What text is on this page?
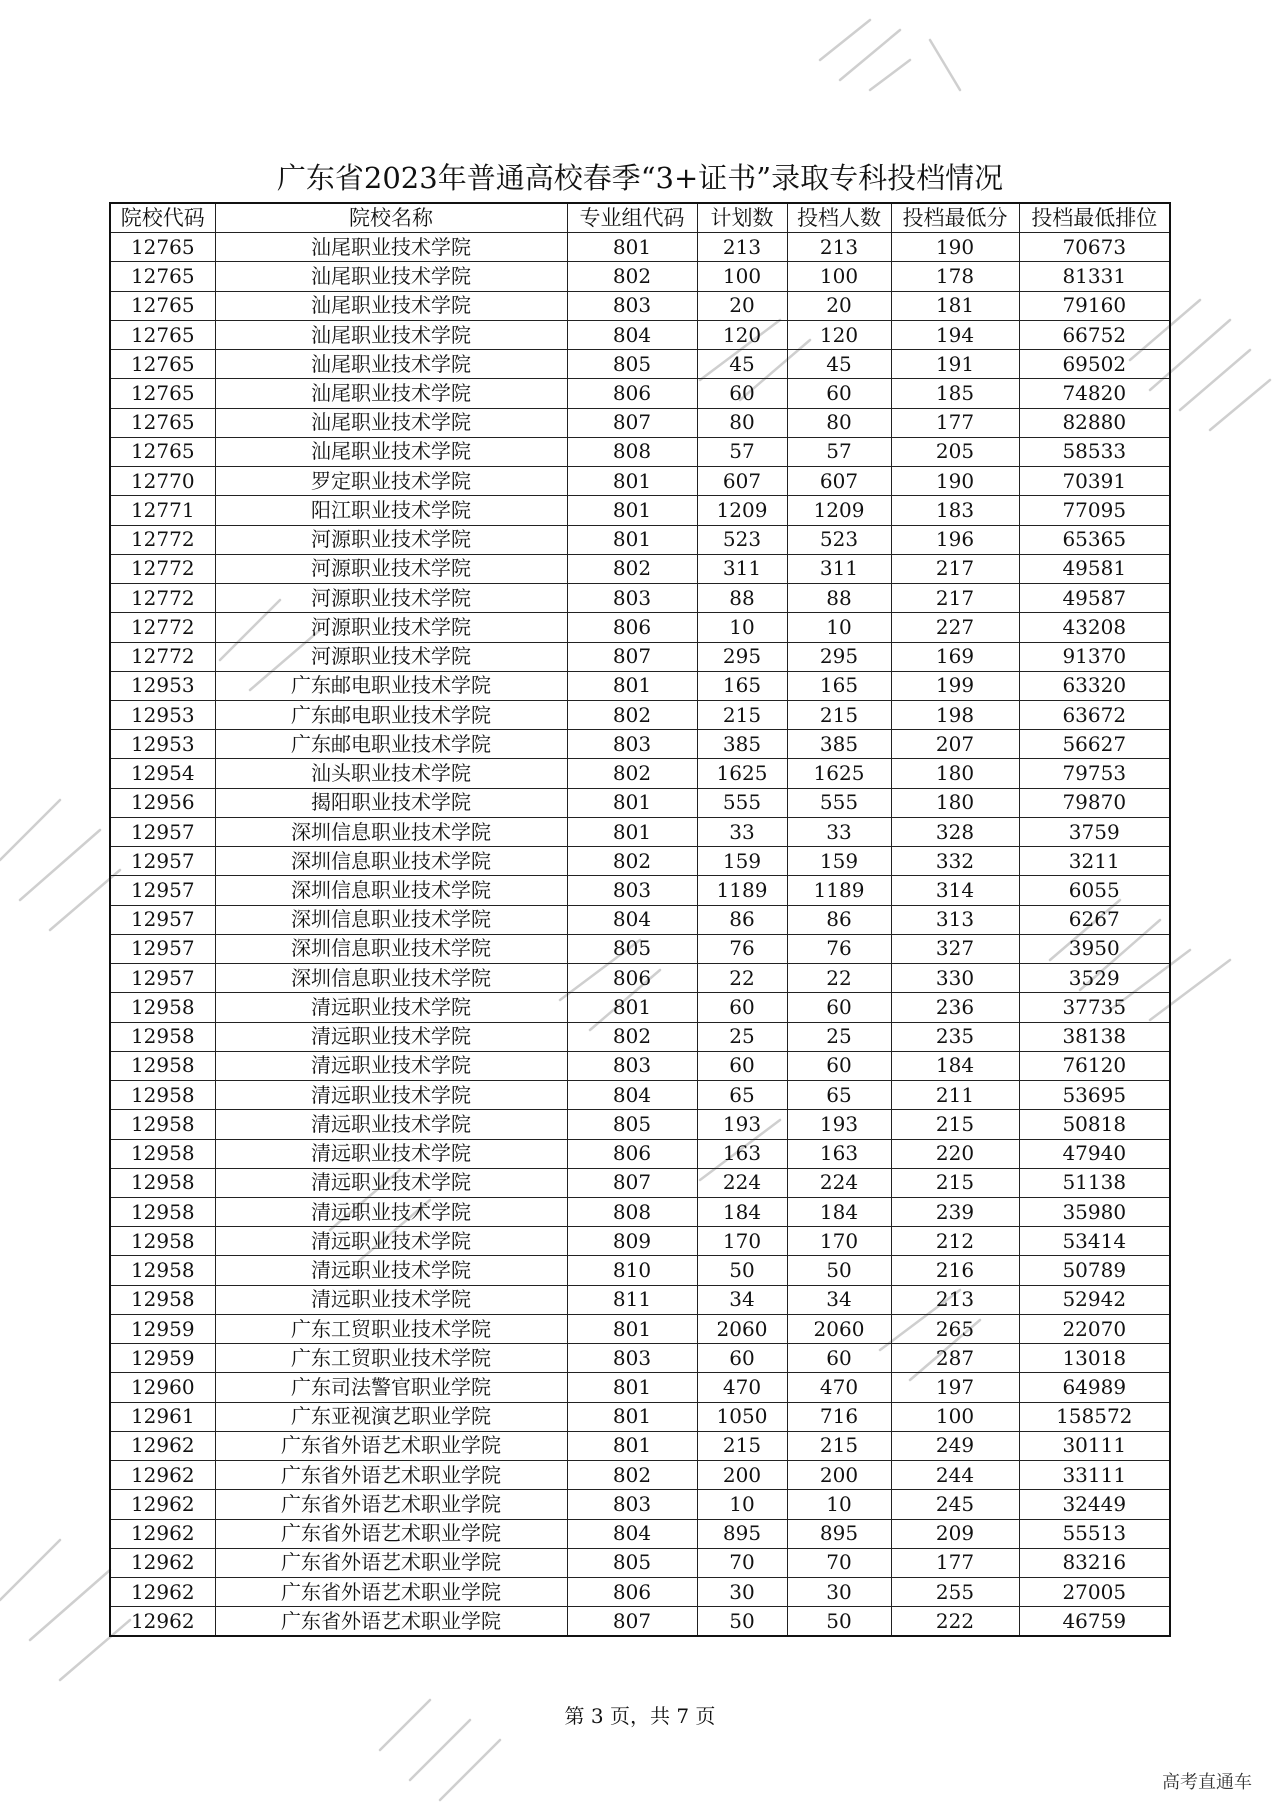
广东省2023年普通高校春季“3+证书”录取专科投档情况
院校代码	院校名称	专业组代码	计划数	投档人数	投档最低分	投档最低排位
12765	汕尾职业技术学院	801	213	213	190	70673
12765	汕尾职业技术学院	802	100	100	178	81331
12765	汕尾职业技术学院	803	20	20	181	79160
12765	汕尾职业技术学院	804	120	120	194	66752
12765	汕尾职业技术学院	805	45	45	191	69502
12765	汕尾职业技术学院	806	60	60	185	74820
12765	汕尾职业技术学院	807	80	80	177	82880
12765	汕尾职业技术学院	808	57	57	205	58533
12770	罗定职业技术学院	801	607	607	190	70391
12771	阳江职业技术学院	801	1209	1209	183	77095
12772	河源职业技术学院	801	523	523	196	65365
12772	河源职业技术学院	802	311	311	217	49581
12772	河源职业技术学院	803	88	88	217	49587
12772	河源职业技术学院	806	10	10	227	43208
12772	河源职业技术学院	807	295	295	169	91370
12953	广东邮电职业技术学院	801	165	165	199	63320
12953	广东邮电职业技术学院	802	215	215	198	63672
12953	广东邮电职业技术学院	803	385	385	207	56627
12954	汕头职业技术学院	802	1625	1625	180	79753
12956	揭阳职业技术学院	801	555	555	180	79870
12957	深圳信息职业技术学院	801	33	33	328	3759
12957	深圳信息职业技术学院	802	159	159	332	3211
12957	深圳信息职业技术学院	803	1189	1189	314	6055
12957	深圳信息职业技术学院	804	86	86	313	6267
12957	深圳信息职业技术学院	805	76	76	327	3950
12957	深圳信息职业技术学院	806	22	22	330	3529
12958	清远职业技术学院	801	60	60	236	37735
12958	清远职业技术学院	802	25	25	235	38138
12958	清远职业技术学院	803	60	60	184	76120
12958	清远职业技术学院	804	65	65	211	53695
12958	清远职业技术学院	805	193	193	215	50818
12958	清远职业技术学院	806	163	163	220	47940
12958	清远职业技术学院	807	224	224	215	51138
12958	清远职业技术学院	808	184	184	239	35980
12958	清远职业技术学院	809	170	170	212	53414
12958	清远职业技术学院	810	50	50	216	50789
12958	清远职业技术学院	811	34	34	213	52942
12959	广东工贸职业技术学院	801	2060	2060	265	22070
12959	广东工贸职业技术学院	803	60	60	287	13018
12960	广东司法警官职业学院	801	470	470	197	64989
12961	广东亚视演艺职业学院	801	1050	716	100	158572
12962	广东省外语艺术职业学院	801	215	215	249	30111
12962	广东省外语艺术职业学院	802	200	200	244	33111
12962	广东省外语艺术职业学院	803	10	10	245	32449
12962	广东省外语艺术职业学院	804	895	895	209	55513
12962	广东省外语艺术职业学院	805	70	70	177	83216
12962	广东省外语艺术职业学院	806	30	30	255	27005
12962	广东省外语艺术职业学院	807	50	50	222	46759
第 3 页，共 7 页
高考直通车
